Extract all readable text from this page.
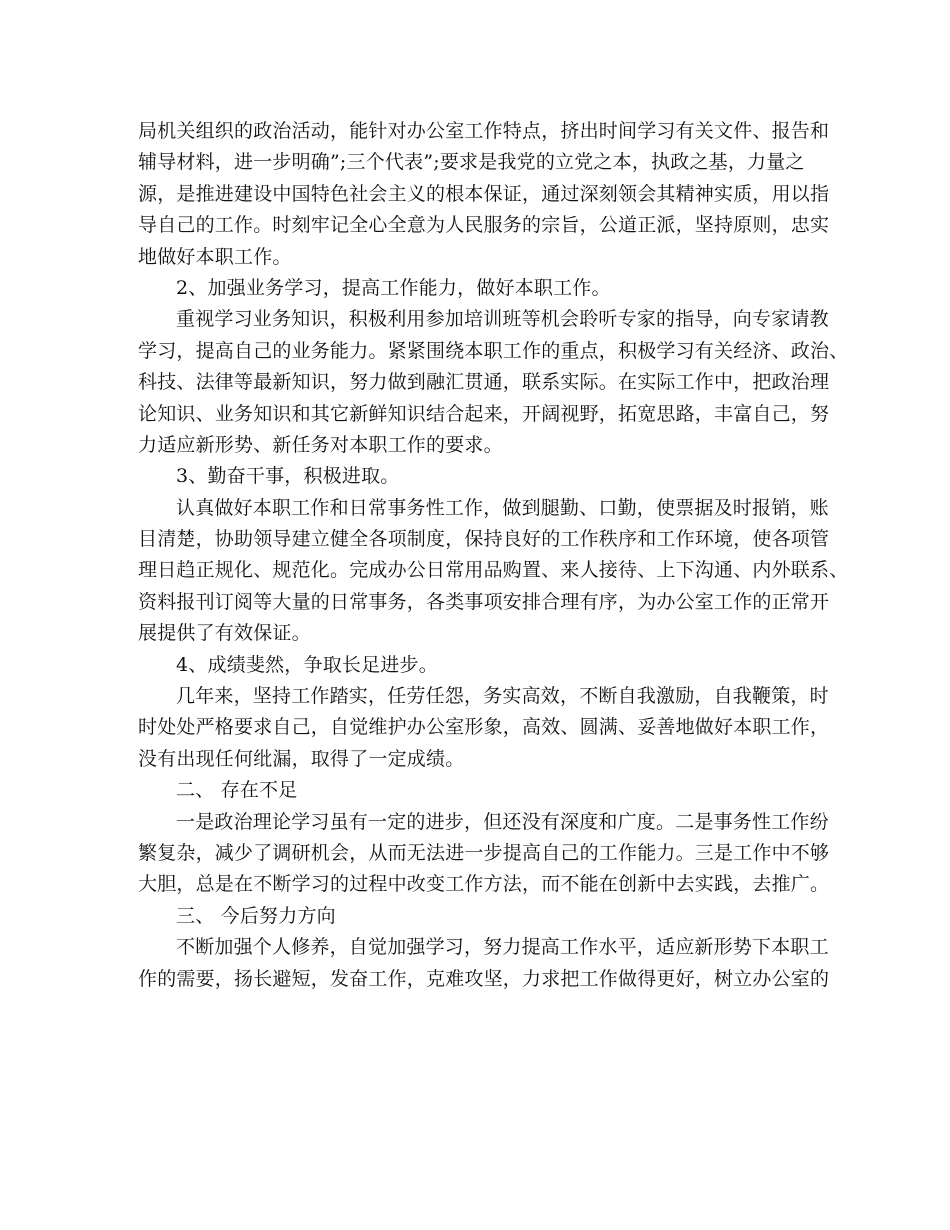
局机关组织的政治活动，能针对办公室工作特点，挤出时间学习有关文件、报告和
辅导材料，进一步明确”;三个代表”;要求是我党的立党之本，执政之基，力量之
源，是推进建设中国特色社会主义的根本保证，通过深刻领会其精神实质，用以指
导自己的工作。时刻牢记全心全意为人民服务的宗旨，公道正派，坚持原则，忠实
地做好本职工作。
2、加强业务学习，提高工作能力，做好本职工作。
重视学习业务知识，积极利用参加培训班等机会聆听专家的指导，向专家请教
学习，提高自己的业务能力。紧紧围绕本职工作的重点，积极学习有关经济、政治、
科技、法律等最新知识，努力做到融汇贯通，联系实际。在实际工作中，把政治理
论知识、业务知识和其它新鲜知识结合起来，开阔视野，拓宽思路，丰富自己，努
力适应新形势、新任务对本职工作的要求。
3、勤奋干事，积极进取。
认真做好本职工作和日常事务性工作，做到腿勤、口勤，使票据及时报销，账
目清楚，协助领导建立健全各项制度，保持良好的工作秩序和工作环境，使各项管
理日趋正规化、规范化。完成办公日常用品购置、来人接待、上下沟通、内外联系、
资料报刊订阅等大量的日常事务，各类事项安排合理有序，为办公室工作的正常开
展提供了有效保证。
4、成绩斐然，争取长足进步。
几年来，坚持工作踏实，任劳任怨，务实高效，不断自我激励，自我鞭策，时
时处处严格要求自己，自觉维护办公室形象，高效、圆满、妥善地做好本职工作，
没有出现任何纰漏，取得了一定成绩。
二、 存在不足
一是政治理论学习虽有一定的进步，但还没有深度和广度。二是事务性工作纷
繁复杂，减少了调研机会，从而无法进一步提高自己的工作能力。三是工作中不够
大胆，总是在不断学习的过程中改变工作方法，而不能在创新中去实践，去推广。
三、 今后努力方向
不断加强个人修养，自觉加强学习，努力提高工作水平，适应新形势下本职工
作的需要，扬长避短，发奋工作，克难攻坚，力求把工作做得更好，树立办公室的
